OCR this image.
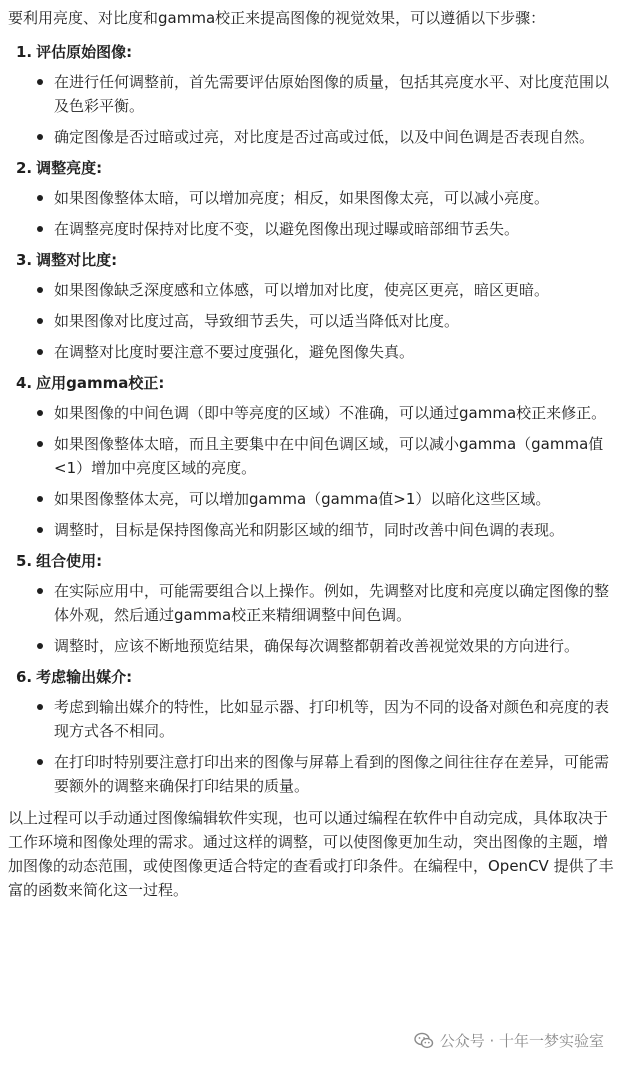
要利用亮度、对比度和gamma校正来提高图像的视觉效果，可以遵循以下步骤：

1. 评估原始图像:
在进行任何调整前，首先需要评估原始图像的质量，包括其亮度水平、对比度范围以及色彩平衡。
确定图像是否过暗或过亮，对比度是否过高或过低，以及中间色调是否表现自然。
2. 调整亮度:
如果图像整体太暗，可以增加亮度；相反，如果图像太亮，可以减小亮度。
在调整亮度时保持对比度不变，以避免图像出现过曝或暗部细节丢失。
3. 调整对比度:
如果图像缺乏深度感和立体感，可以增加对比度，使亮区更亮，暗区更暗。
如果图像对比度过高，导致细节丢失，可以适当降低对比度。
在调整对比度时要注意不要过度强化，避免图像失真。
4. 应用gamma校正:
如果图像的中间色调（即中等亮度的区域）不准确，可以通过gamma校正来修正。
如果图像整体太暗，而且主要集中在中间色调区域，可以减小gamma（gamma值<1）增加中亮度区域的亮度。
如果图像整体太亮，可以增加gamma（gamma值>1）以暗化这些区域。
调整时，目标是保持图像高光和阴影区域的细节，同时改善中间色调的表现。
5. 组合使用:
在实际应用中，可能需要组合以上操作。例如，先调整对比度和亮度以确定图像的整体外观，然后通过gamma校正来精细调整中间色调。
调整时，应该不断地预览结果，确保每次调整都朝着改善视觉效果的方向进行。
6. 考虑输出媒介:
考虑到输出媒介的特性，比如显示器、打印机等，因为不同的设备对颜色和亮度的表现方式各不相同。
在打印时特别要注意打印出来的图像与屏幕上看到的图像之间往往存在差异，可能需要额外的调整来确保打印结果的质量。

以上过程可以手动通过图像编辑软件实现，也可以通过编程在软件中自动完成，具体取决于工作环境和图像处理的需求。通过这样的调整，可以使图像更加生动，突出图像的主题，增加图像的动态范围，或使图像更适合特定的查看或打印条件。在编程中，OpenCV 提供了丰富的函数来简化这一过程。

公众号 · 十年一梦实验室
